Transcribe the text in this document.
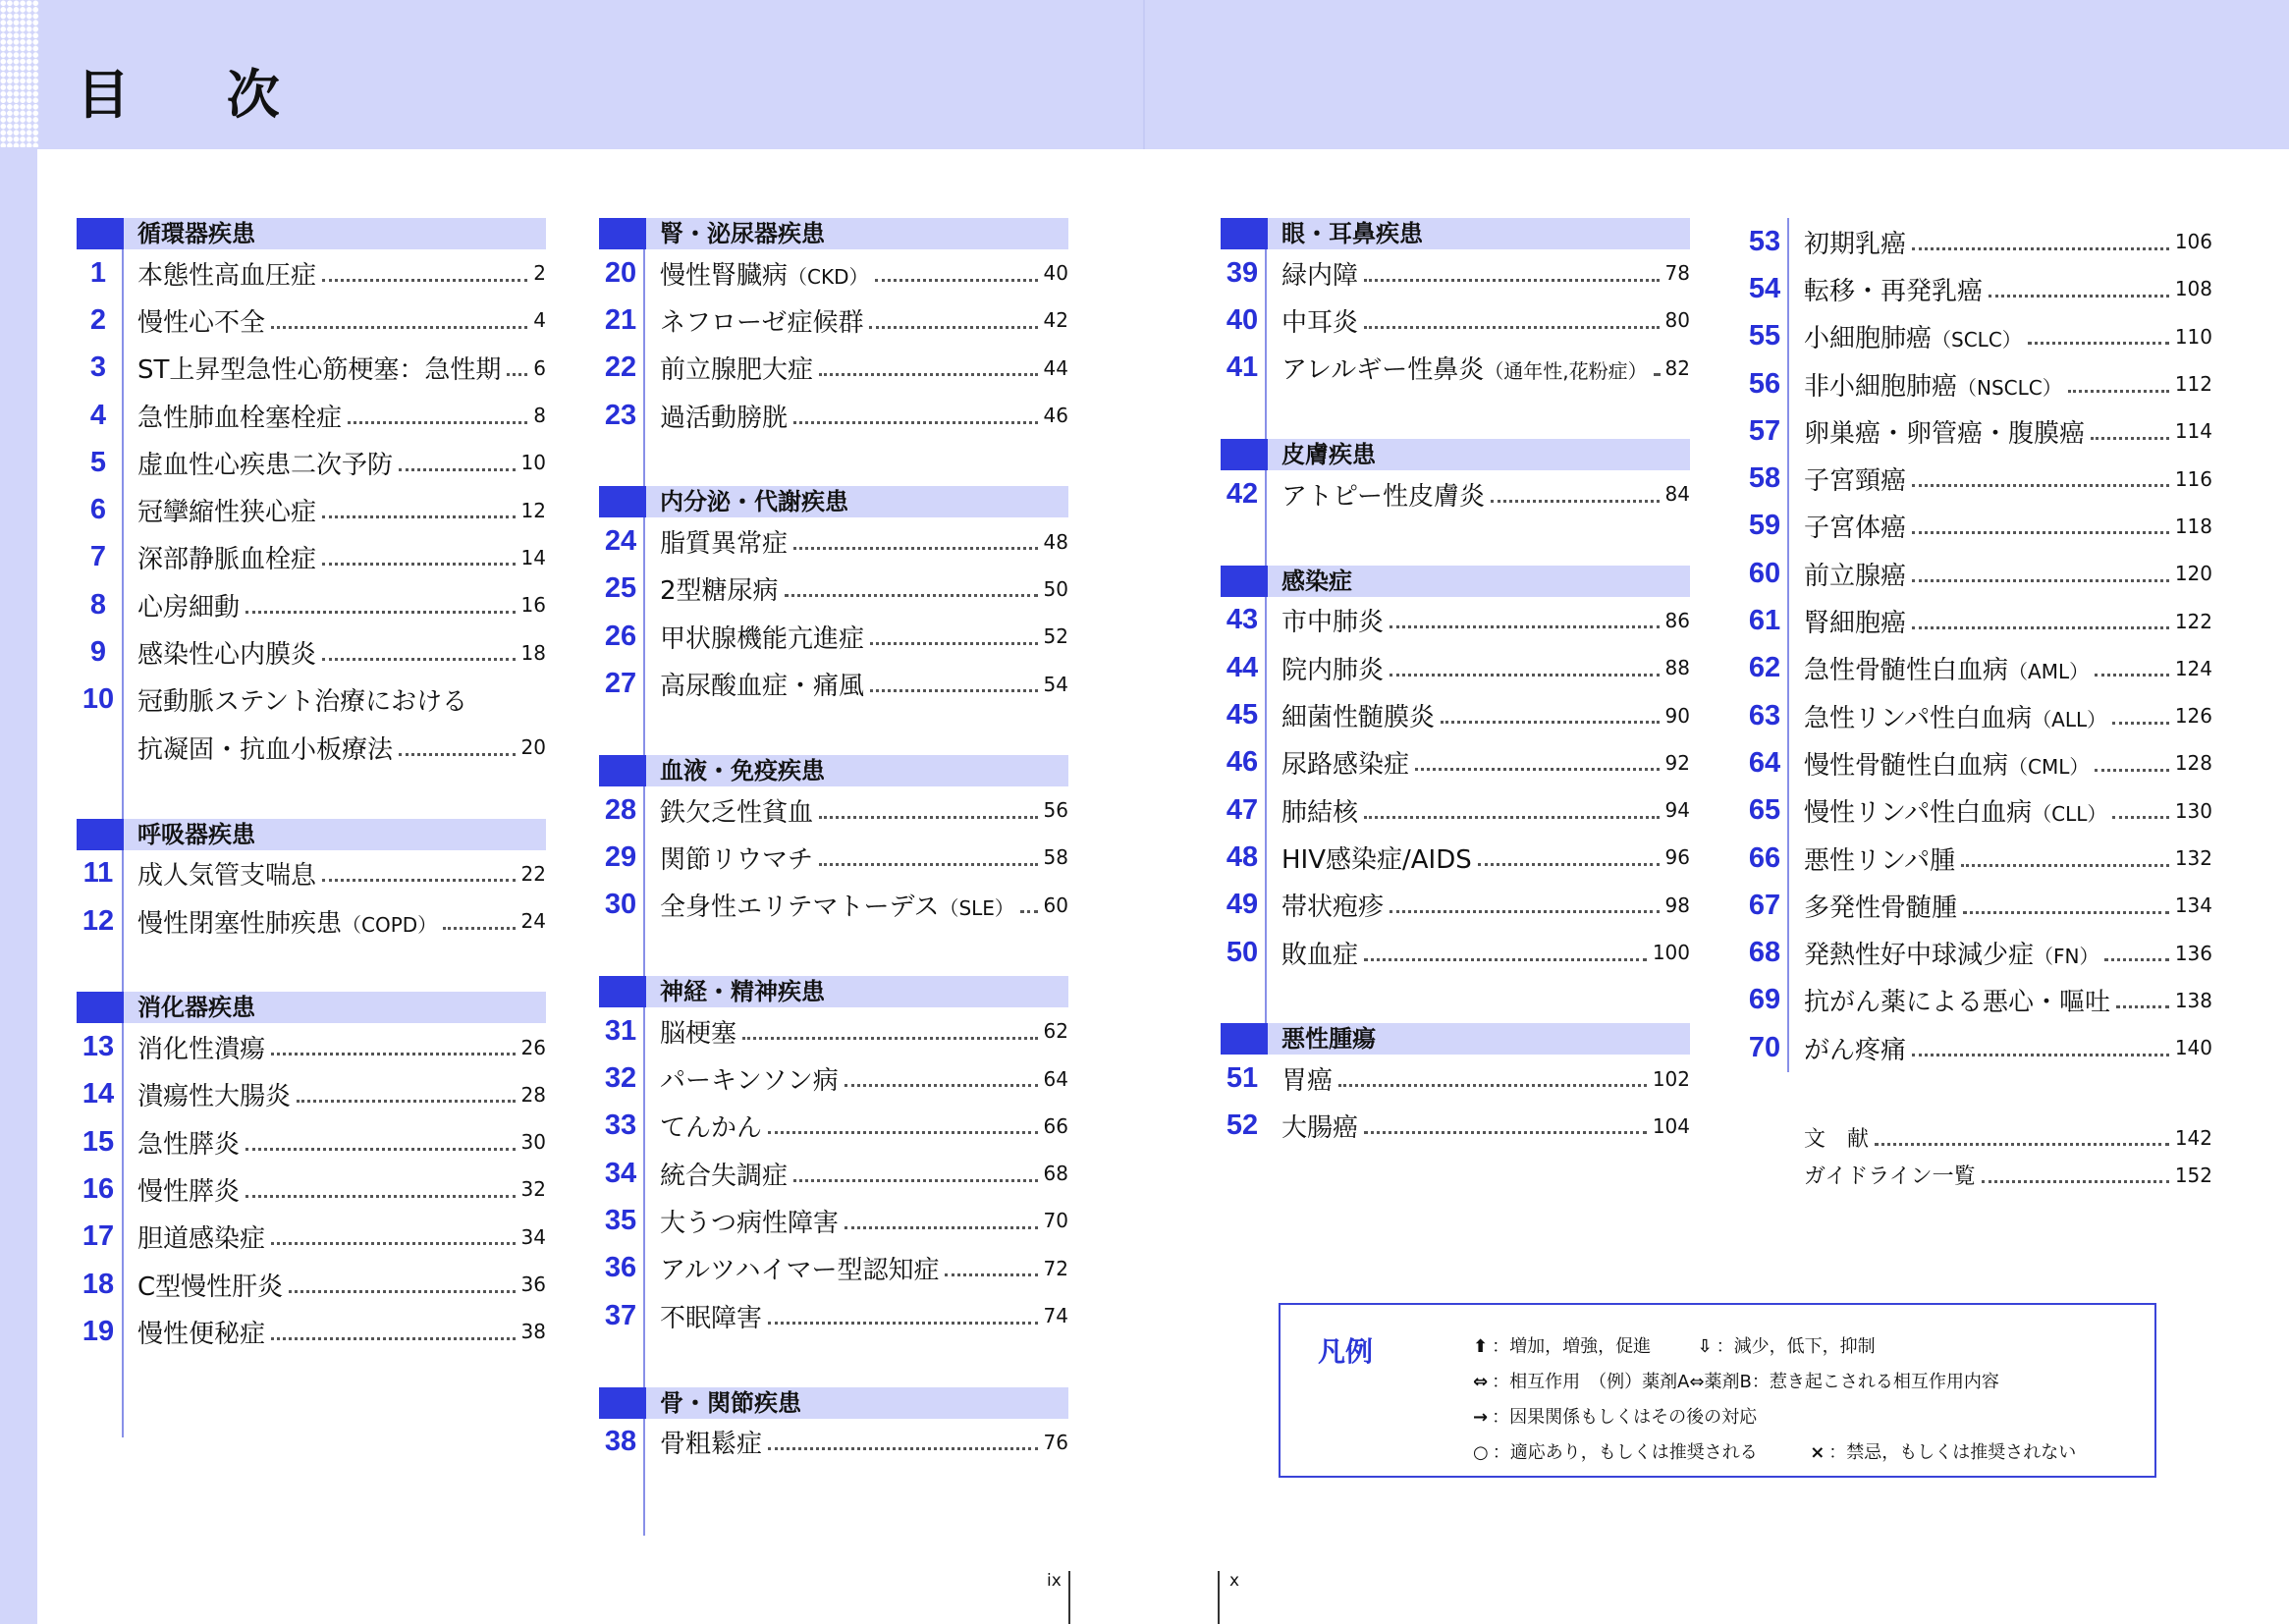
目 次
循環器疾患
1	本態性高血圧症	2
2	慢性心不全	4
3	ST上昇型急性心筋梗塞：急性期 6
4	急性肺血栓塞栓症	8
5	虚血性心疾患二次予防	10
6	冠攣縮性狭心症	12
7	深部静脈血栓症	14
8	心房細動	16
9	感染性心内膜炎	18
10 冠動脈ステント治療における
抗凝固・抗血小板療法	20
呼吸器疾患
11 成人気管支喘息	22
12 慢性閉塞性肺疾患（COPD）	24
消化器疾患
13 消化性潰瘍	26
14 潰瘍性大腸炎	28
15 急性膵炎	30
16 慢性膵炎	32
17 胆道感染症	34
18 C型慢性肝炎	36
19 慢性便秘症	38
腎・泌尿器疾患
20 慢性腎臓病（CKD）	40
21 ネフローゼ症候群	42
22 前立腺肥大症	44
23 過活動膀胱	46
内分泌・代謝疾患
24 脂質異常症	48
25 2型糖尿病	50
26 甲状腺機能亢進症	52
27 高尿酸血症・痛風	54
血液・免疫疾患
28 鉄欠乏性貧血	56
29 関節リウマチ	58
30 全身性エリテマトーデス（SLE） 60
神経・精神疾患
31 脳梗塞	62
32 パーキンソン病	64
33 てんかん	66
34 統合失調症	68
35 大うつ病性障害	70
36 アルツハイマー型認知症	72
37 不眠障害	74
骨・関節疾患
38 骨粗鬆症	76
眼・耳鼻疾患
39 緑内障	78
40 中耳炎	80
41 アレルギー性鼻炎（通年性,花粉症） 82
皮膚疾患
42 アトピー性皮膚炎	84
感染症
43 市中肺炎	86
44 院内肺炎	88
45 細菌性髄膜炎	90
46 尿路感染症	92
47 肺結核	94
48 HIV感染症/AIDS	96
49 帯状疱疹	98
50 敗血症	100
悪性腫瘍
51 胃癌	102
52 大腸癌	104
53 初期乳癌	106
54 転移・再発乳癌	108
55 小細胞肺癌（SCLC）	110
56 非小細胞肺癌（NSCLC）	112
57 卵巣癌・卵管癌・腹膜癌	114
58 子宮頸癌	116
59 子宮体癌	118
60 前立腺癌	120
61 腎細胞癌	122
62 急性骨髄性白血病（AML）	124
63 急性リンパ性白血病（ALL）	126
64 慢性骨髄性白血病（CML）	128
65 慢性リンパ性白血病（CLL）	130
66 悪性リンパ腫	132
67 多発性骨髄腫	134
68 発熱性好中球減少症（FN）	136
69 抗がん薬による悪心・嘔吐	138
70 がん疼痛	140
文　献	142
ガイドライン一覧	152
凡例	⬆ ：増加，増強，促進	⇩ ：減少，低下，抑制
⇔ ：相互作用　（例）薬剤A⇔薬剤B：惹き起こされる相互作用内容
→ ：因果関係もしくはその後の対応
○ ：適応あり，もしくは推奨される	× ：禁忌，もしくは推奨されない
ix	x
